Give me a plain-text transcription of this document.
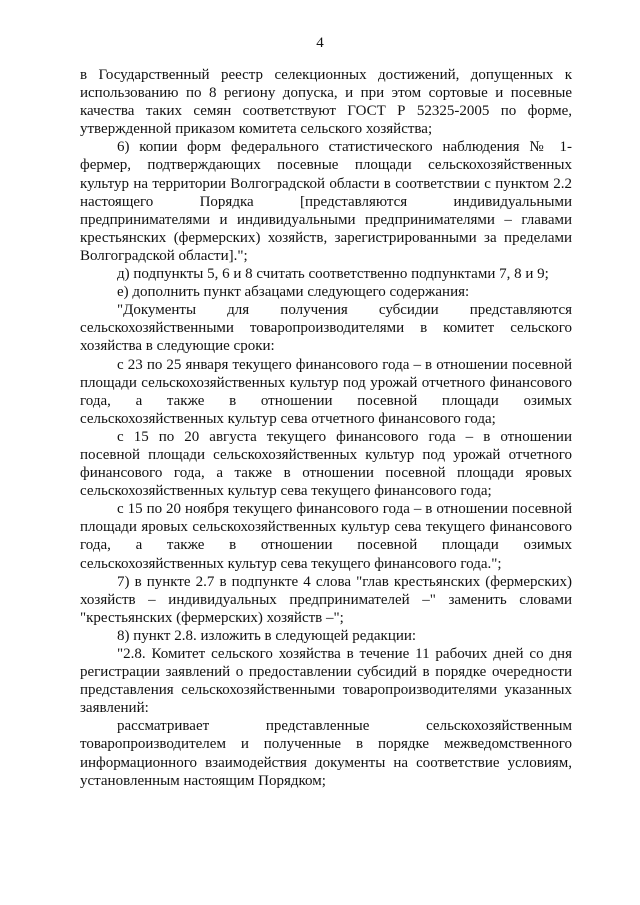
4

в Государственный реестр селекционных достижений, допущенных к использованию по 8 региону допуска, и при этом сортовые и посевные качества таких семян соответствуют ГОСТ Р 52325-2005 по форме, утвержденной приказом комитета сельского хозяйства;

6) копии форм федерального статистического наблюдения № 1-фермер, подтверждающих посевные площади сельскохозяйственных культур на территории Волгоградской области в соответствии с пунктом 2.2 настоящего Порядка [представляются индивидуальными предпринимателями и индивидуальными предпринимателями – главами крестьянских (фермерских) хозяйств, зарегистрированными за пределами Волгоградской области].";

д) подпункты 5, 6 и 8 считать соответственно подпунктами 7, 8 и 9;

е) дополнить пункт абзацами следующего содержания:

"Документы для получения субсидии представляются сельскохозяйственными товаропроизводителями в комитет сельского хозяйства в следующие сроки:

с 23 по 25 января текущего финансового года – в отношении посевной площади сельскохозяйственных культур под урожай отчетного финансового года, а также в отношении посевной площади озимых сельскохозяйственных культур сева отчетного финансового года;

с 15 по 20 августа текущего финансового года – в отношении посевной площади сельскохозяйственных культур под урожай отчетного финансового года, а также в отношении посевной площади яровых сельскохозяйственных культур сева текущего финансового года;

с 15 по 20 ноября текущего финансового года – в отношении посевной площади яровых сельскохозяйственных культур сева текущего финансового года, а также в отношении посевной площади озимых сельскохозяйственных культур сева текущего финансового года.";

7) в пункте 2.7 в подпункте 4 слова "глав крестьянских (фермерских) хозяйств – индивидуальных предпринимателей –" заменить словами "крестьянских (фермерских) хозяйств –";

8) пункт 2.8. изложить в следующей редакции:

"2.8. Комитет сельского хозяйства в течение 11 рабочих дней со дня регистрации заявлений о предоставлении субсидий в порядке очередности представления сельскохозяйственными товаропроизводителями указанных заявлений:

рассматривает представленные сельскохозяйственным товаропроизводителем и полученные в порядке межведомственного информационного взаимодействия документы на соответствие условиям, установленным настоящим Порядком;
